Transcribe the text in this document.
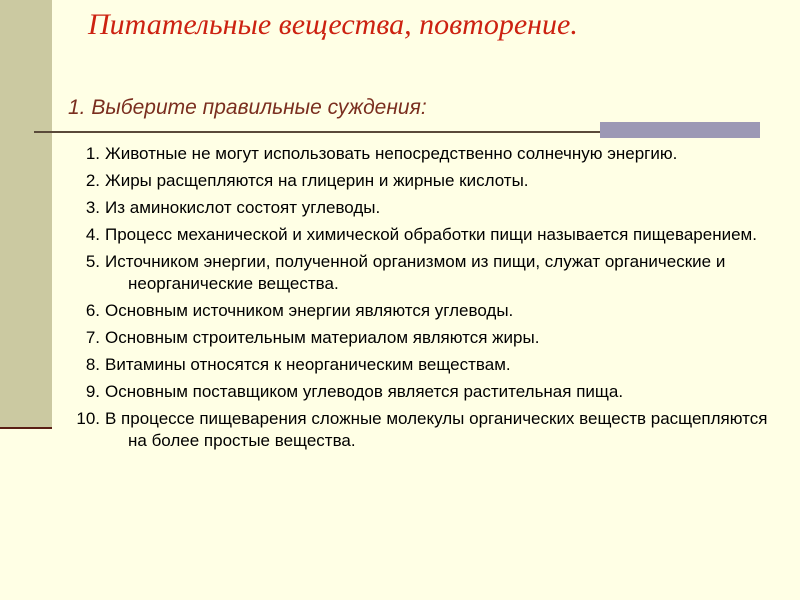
Питательные вещества, повторение.
1. Выберите правильные суждения:
1. Животные не могут использовать непосредственно солнечную энергию.
2. Жиры расщепляются на глицерин и жирные кислоты.
3. Из аминокислот состоят углеводы.
4. Процесс механической и химической обработки пищи называется пищеварением.
5. Источником энергии, полученной организмом из пищи, служат органические и неорганические вещества.
6. Основным источником энергии являются углеводы.
7. Основным строительным материалом являются жиры.
8. Витамины относятся к неорганическим веществам.
9. Основным поставщиком углеводов является растительная пища.
10. В процессе пищеварения сложные молекулы органических веществ расщепляются на более простые вещества.
